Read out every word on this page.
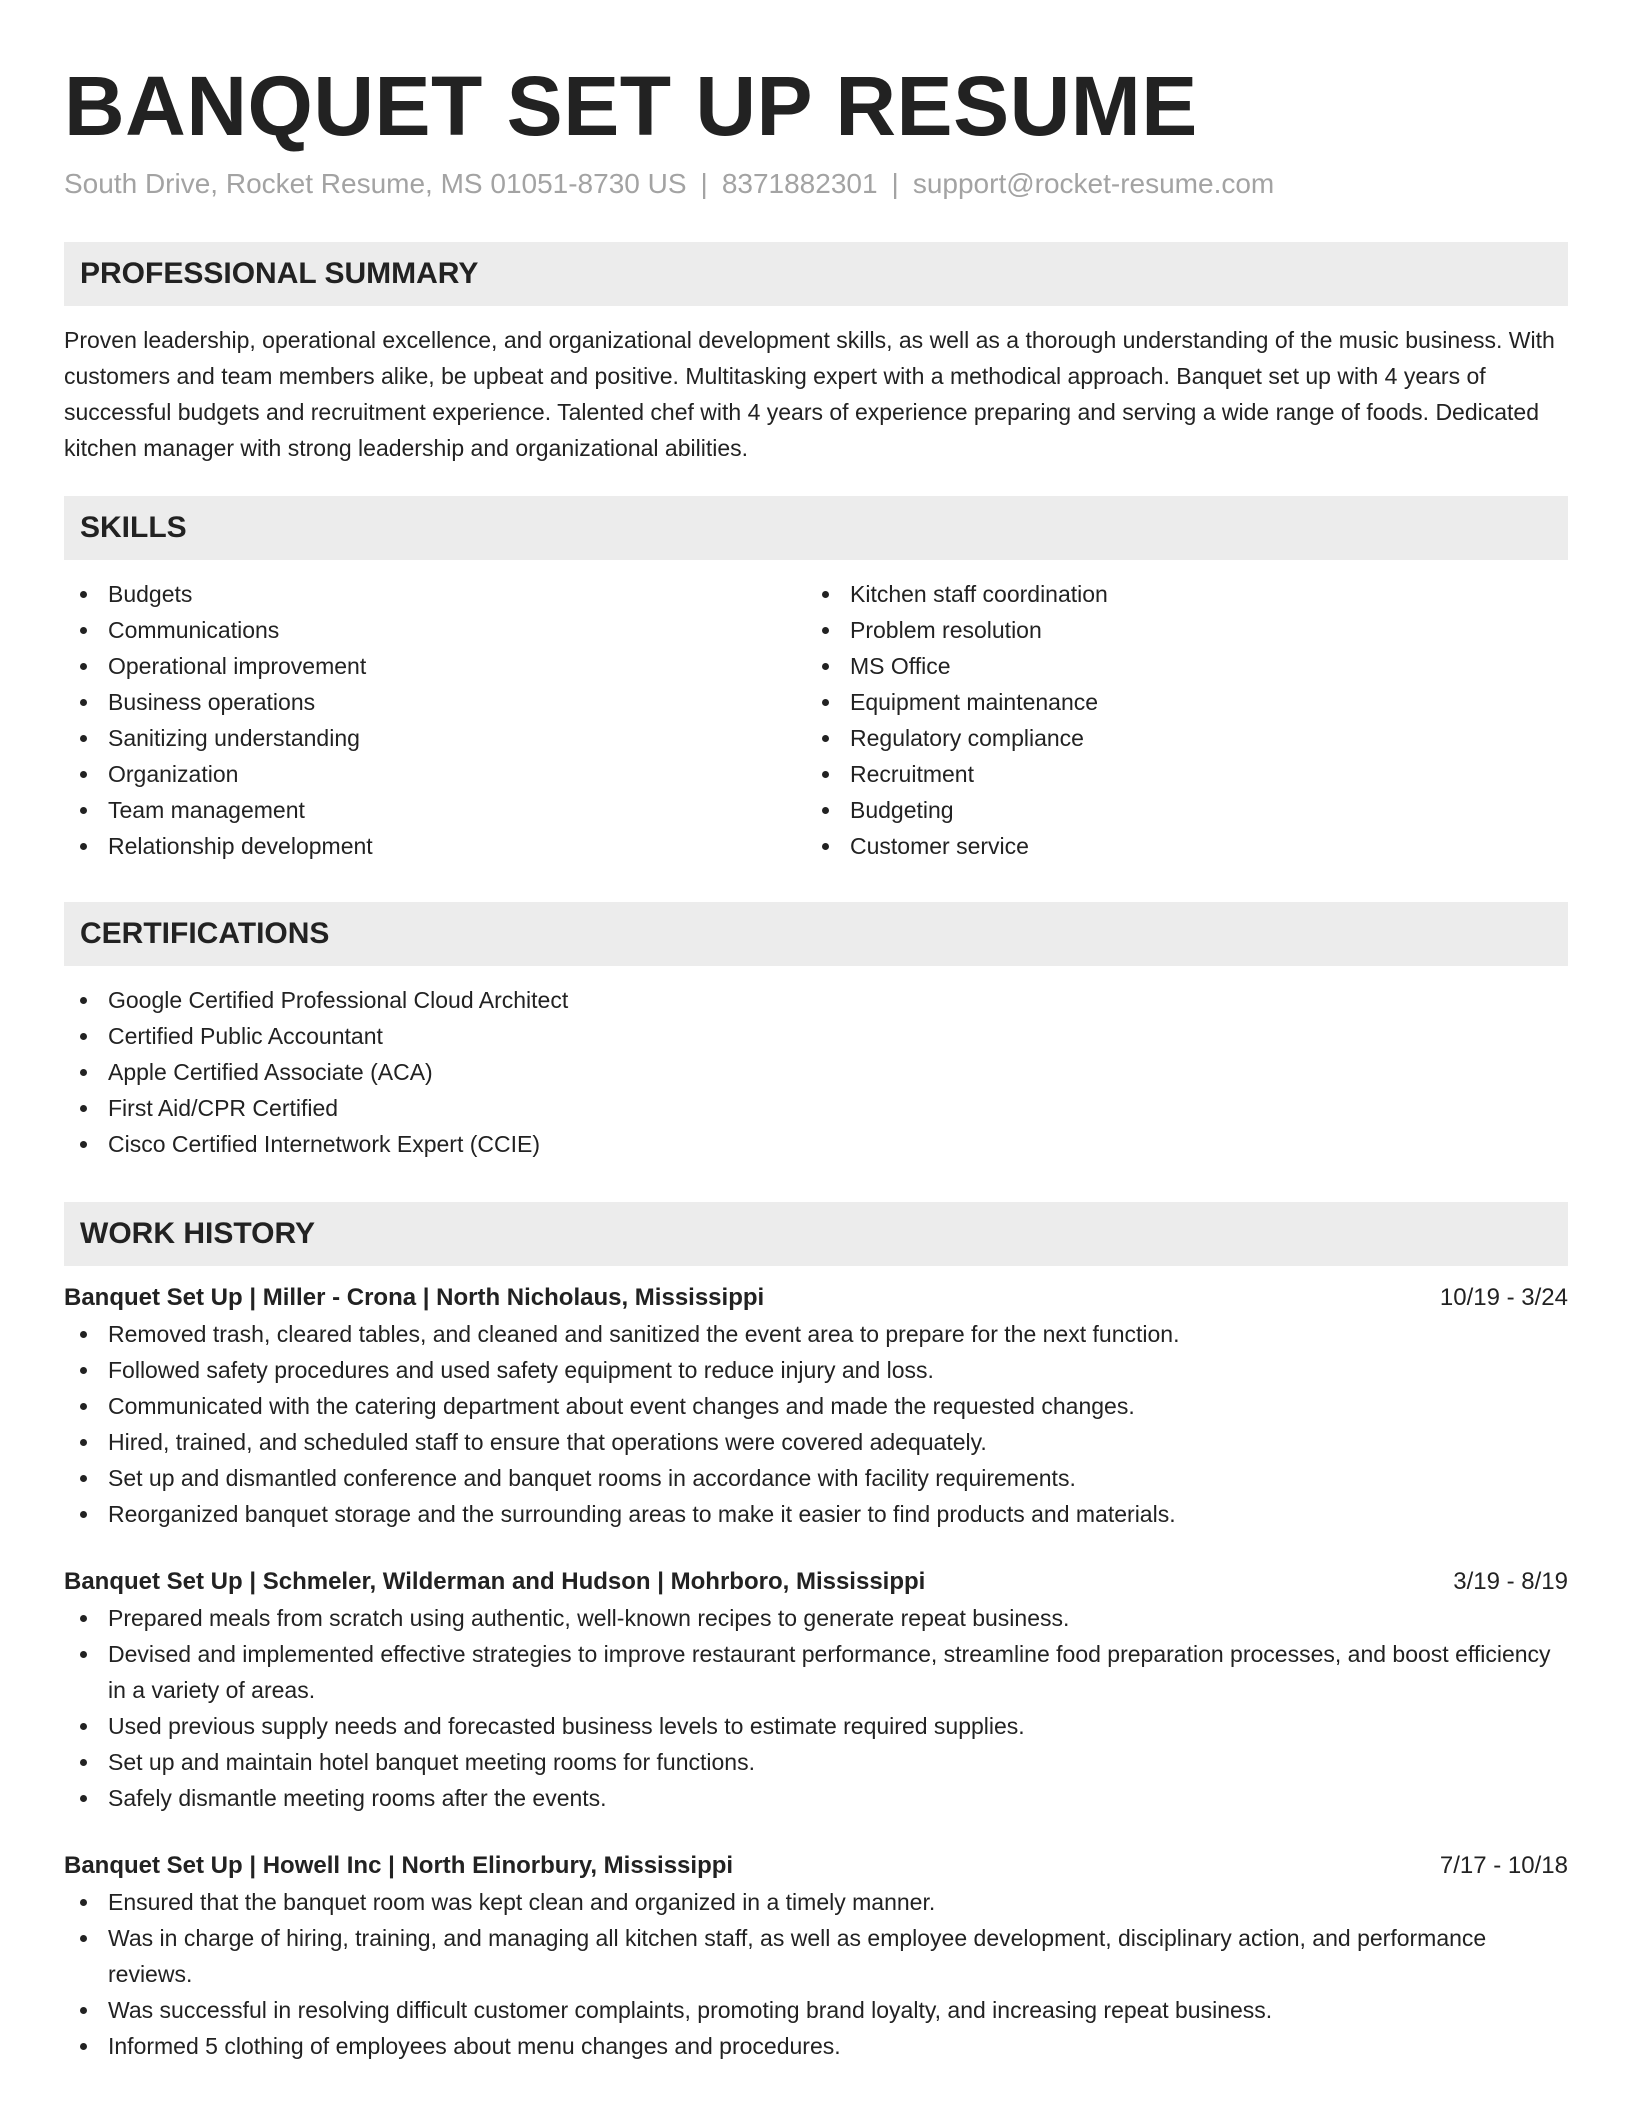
BANQUET SET UP RESUME
South Drive, Rocket Resume, MS 01051-8730 US | 8371882301 | support@rocket-resume.com
PROFESSIONAL SUMMARY

Proven leadership, operational excellence, and organizational development skills, as well as a thorough understanding of the music business. With customers and team members alike, be upbeat and positive. Multitasking expert with a methodical approach. Banquet set up with 4 years of successful budgets and recruitment experience. Talented chef with 4 years of experience preparing and serving a wide range of foods. Dedicated kitchen manager with strong leadership and organizational abilities.

SKILLS
Budgets
Communications
Operational improvement
Business operations
Sanitizing understanding
Organization
Team management
Relationship development
Kitchen staff coordination
Problem resolution
MS Office
Equipment maintenance
Regulatory compliance
Recruitment
Budgeting
Customer service
CERTIFICATIONS
Google Certified Professional Cloud Architect
Certified Public Accountant
Apple Certified Associate (ACA)
First Aid/CPR Certified
Cisco Certified Internetwork Expert (CCIE)
WORK HISTORY
Banquet Set Up | Miller - Crona | North Nicholaus, Mississippi	10/19 - 3/24
Removed trash, cleared tables, and cleaned and sanitized the event area to prepare for the next function.
Followed safety procedures and used safety equipment to reduce injury and loss.
Communicated with the catering department about event changes and made the requested changes.
Hired, trained, and scheduled staff to ensure that operations were covered adequately.
Set up and dismantled conference and banquet rooms in accordance with facility requirements.
Reorganized banquet storage and the surrounding areas to make it easier to find products and materials.
Banquet Set Up | Schmeler, Wilderman and Hudson | Mohrboro, Mississippi	3/19 - 8/19
Prepared meals from scratch using authentic, well-known recipes to generate repeat business.
Devised and implemented effective strategies to improve restaurant performance, streamline food preparation processes, and boost efficiency in a variety of areas.
Used previous supply needs and forecasted business levels to estimate required supplies.
Set up and maintain hotel banquet meeting rooms for functions.
Safely dismantle meeting rooms after the events.
Banquet Set Up | Howell Inc | North Elinorbury, Mississippi	7/17 - 10/18
Ensured that the banquet room was kept clean and organized in a timely manner.
Was in charge of hiring, training, and managing all kitchen staff, as well as employee development, disciplinary action, and performance reviews.
Was successful in resolving difficult customer complaints, promoting brand loyalty, and increasing repeat business.
Informed 5 clothing of employees about menu changes and procedures.
